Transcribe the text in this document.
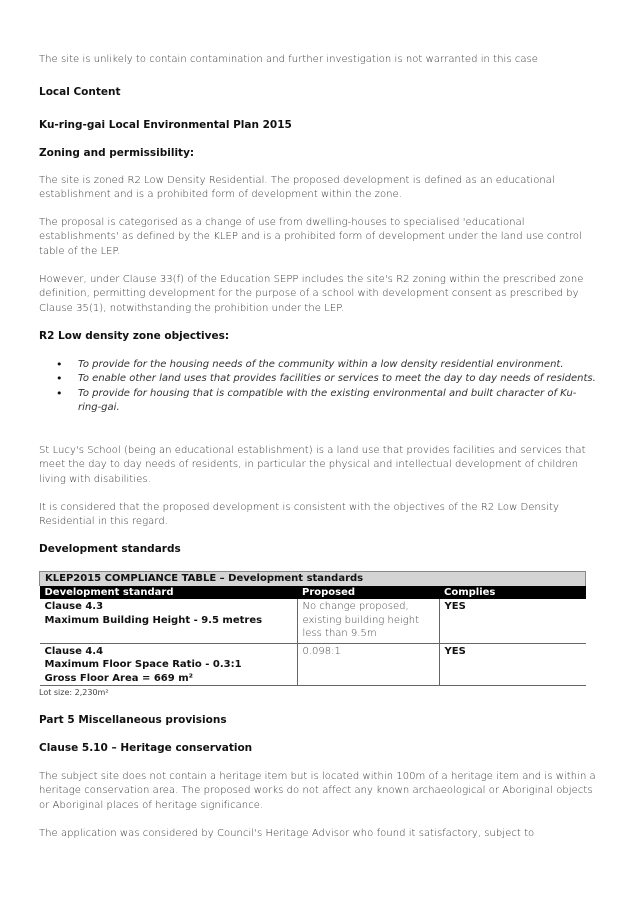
The site is unlikely to contain contamination and further investigation is not warranted in this case
Local Content
Ku-ring-gai Local Environmental Plan 2015
Zoning and permissibility:
The site is zoned R2 Low Density Residential. The proposed development is defined as an educational establishment and is a prohibited form of development within the zone.
The proposal is categorised as a change of use from dwelling-houses to specialised 'educational establishments' as defined by the KLEP and is a prohibited form of development under the land use control table of the LEP.
However, under Clause 33(f) of the Education SEPP includes the site's R2 zoning within the prescribed zone definition, permitting development for the purpose of a school with development consent as prescribed by Clause 35(1), notwithstanding the prohibition under the LEP.
R2 Low density zone objectives:
• To provide for the housing needs of the community within a low density residential environment.
• To enable other land uses that provides facilities or services to meet the day to day needs of residents.
• To provide for housing that is compatible with the existing environmental and built character of Ku-ring-gai.
St Lucy's School (being an educational establishment) is a land use that provides facilities and services that meet the day to day needs of residents, in particular the physical and intellectual development of children living with disabilities.
It is considered that the proposed development is consistent with the objectives of the R2 Low Density Residential in this regard.
Development standards
KLEP2015 COMPLIANCE TABLE – Development standards		
Development standard	Proposed	Complies

Clause 4.3
Maximum Building Height - 9.5 metres	No change proposed, existing building height less than 9.5m	YES

Clause 4.4
Maximum Floor Space Ratio - 0.3:1
Gross Floor Area = 669 m²	0.098:1	YES
Lot size: 2,230m²
Part 5 Miscellaneous provisions
Clause 5.10 – Heritage conservation
The subject site does not contain a heritage item but is located within 100m of a heritage item and is within a heritage conservation area. The proposed works do not affect any known archaeological or Aboriginal objects or Aboriginal places of heritage significance.
The application was considered by Council's Heritage Advisor who found it satisfactory, subject to
